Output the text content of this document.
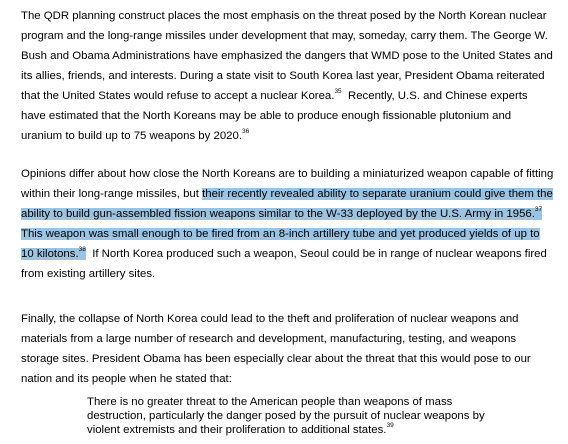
The QDR planning construct places the most emphasis on the threat posed by the North Korean nuclear
program and the long-range missiles under development that may, someday, carry them. The George W.
Bush and Obama Administrations have emphasized the dangers that WMD pose to the United States and
its allies, friends, and interests. During a state visit to South Korea last year, President Obama reiterated
that the United States would refuse to accept a nuclear Korea.$^{35}$  Recently, U.S. and Chinese experts
have estimated that the North Koreans may be able to produce enough fissionable plutonium and
uranium to build up to 75 weapons by 2020.36
Opinions differ about how close the North Koreans are to building a miniaturized weapon capable of fitting
within their long-range missiles, but their recently revealed ability to separate uranium could give them the
ability to build gun-assembled fission weapons similar to the W-33 deployed by the U.S. Army in 1956.37
This weapon was small enough to be fired from an 8-inch artillery tube and yet produced yields of up to
10 kilotons.$^{38}$  If North Korea produced such a weapon, Seoul could be in range of nuclear weapons fired
from existing artillery sites.
Finally, the collapse of North Korea could lead to the theft and proliferation of nuclear weapons and
materials from a large number of research and development, manufacturing, testing, and weapons
storage sites. President Obama has been especially clear about the threat that this would pose to our
nation and its people when he stated that:
There is no greater threat to the American people than weapons of mass
destruction, particularly the danger posed by the pursuit of nuclear weapons by
violent extremists and their proliferation to additional states.$^{39}$
